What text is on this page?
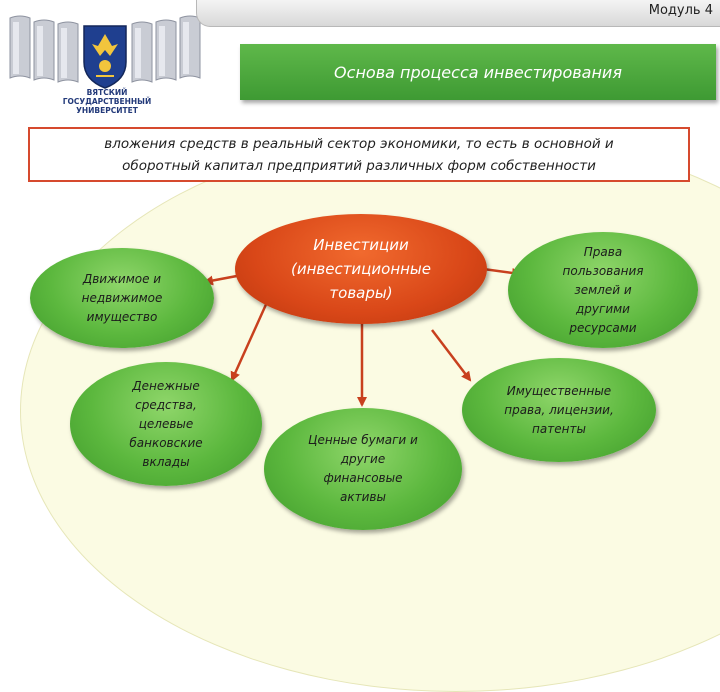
ВЯТСКИЙ
ГОСУДАРСТВЕННЫЙ
УНИВЕРСИТЕТ
Модуль 4
Основа процесса инвестирования
вложения средств в реальный сектор экономики, то есть в основной и
оборотный капитал предприятий различных форм собственности
Инвестиции
(инвестиционные
товары)
Движимое и
недвижимое
имущество
Денежные
средства,
целевые
банковские
вклады
Ценные бумаги и
другие
финансовые
активы
Имущественные
права, лицензии,
патенты
Права
пользования
землей и
другими
ресурсами
